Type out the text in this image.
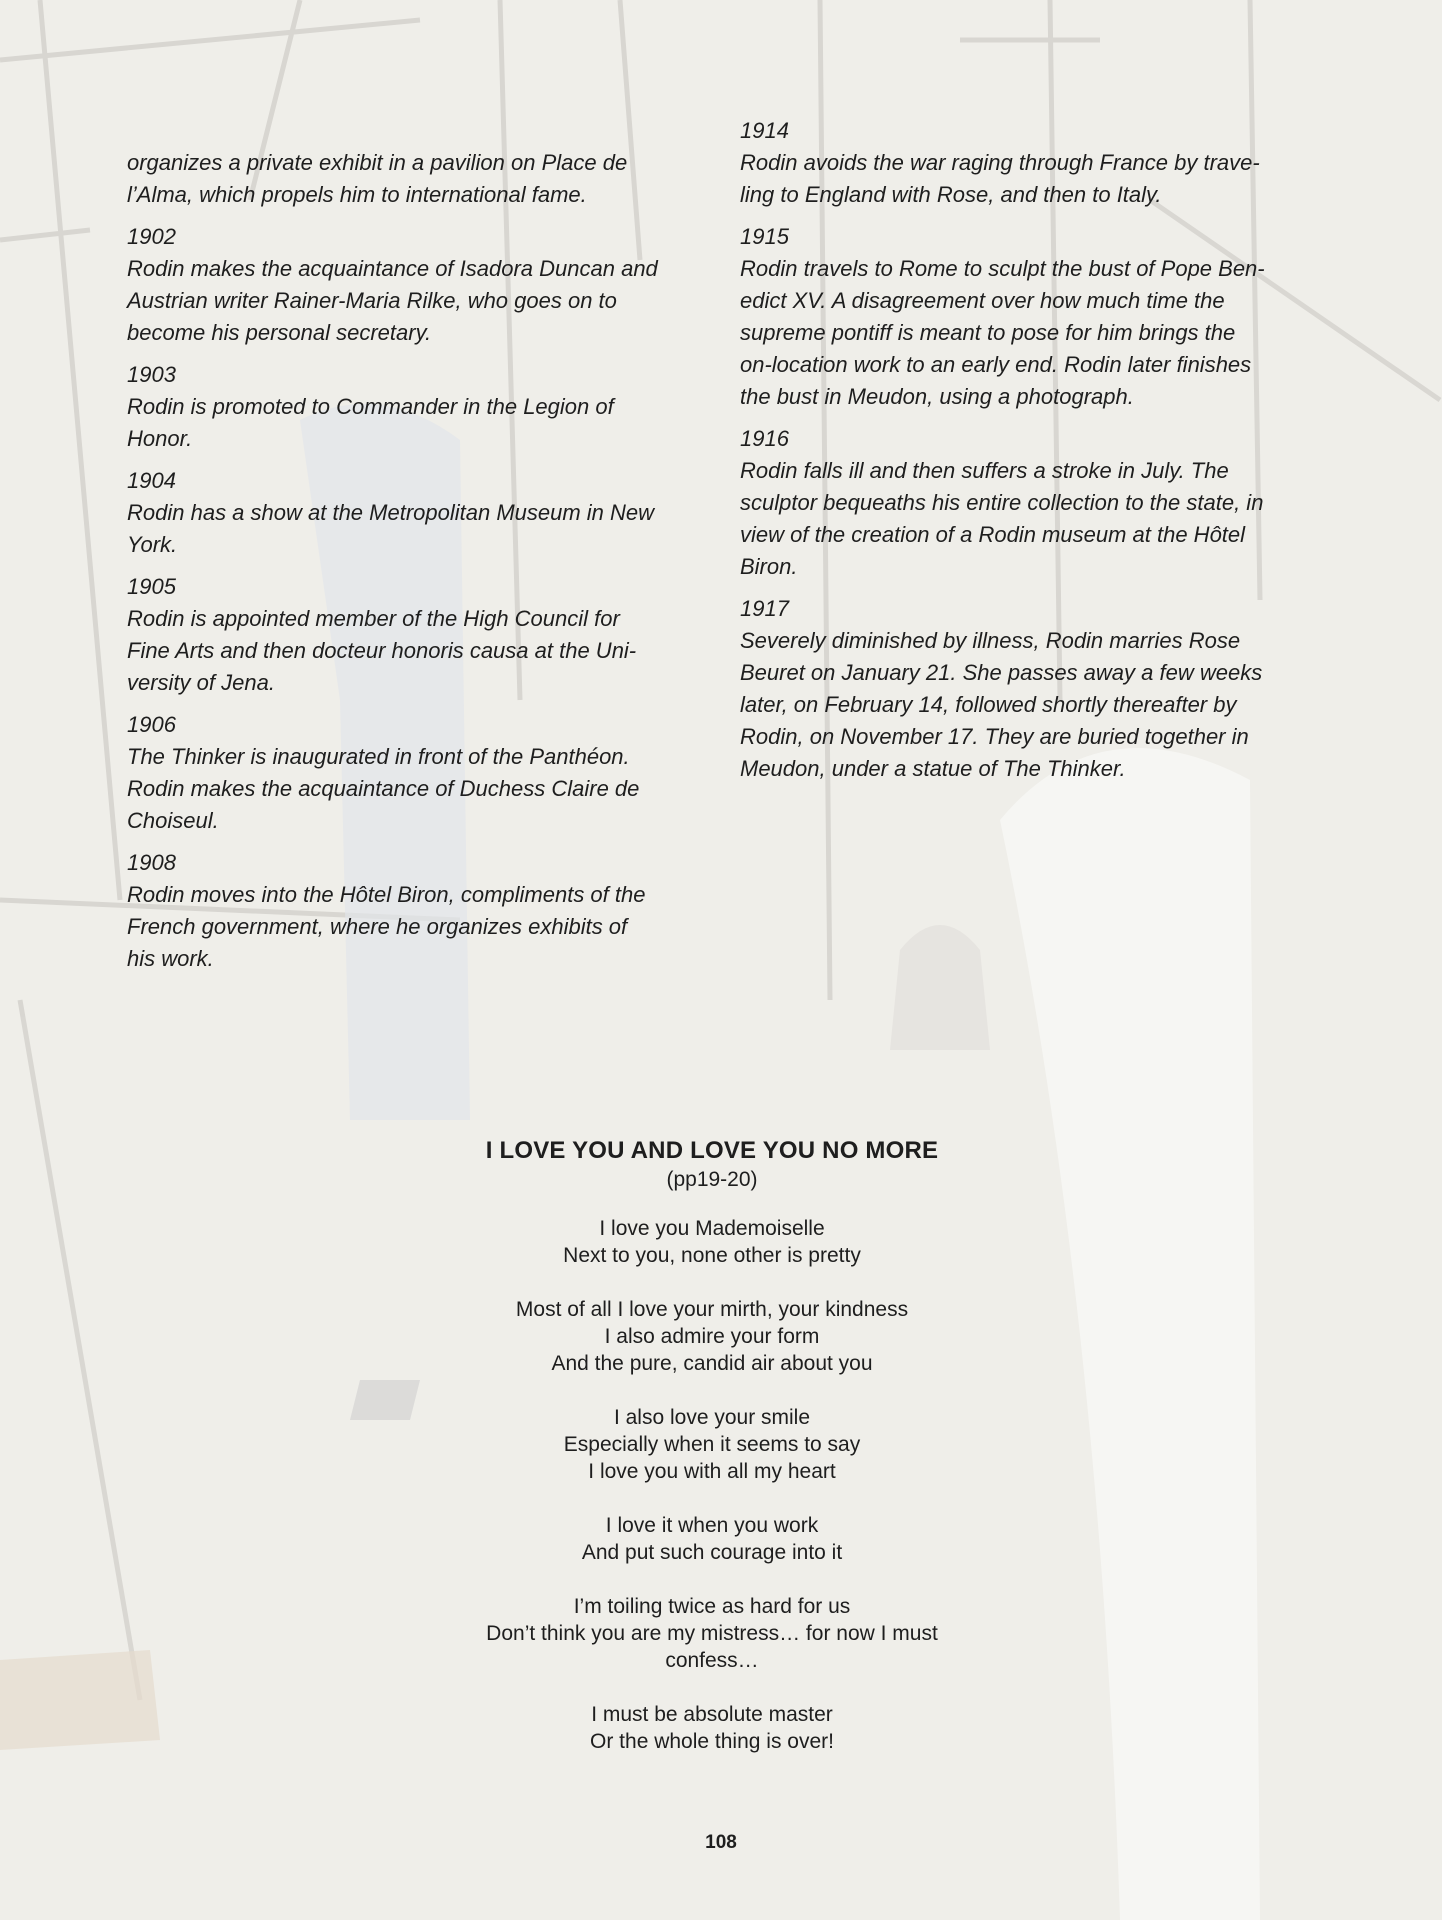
organizes a private exhibit in a pavilion on Place de
l’Alma, which propels him to international fame.
1902
Rodin makes the acquaintance of Isadora Duncan and
Austrian writer Rainer-Maria Rilke, who goes on to
become his personal secretary.
1903
Rodin is promoted to Commander in the Legion of
Honor.
1904
Rodin has a show at the Metropolitan Museum in New
York.
1905
Rodin is appointed member of the High Council for
Fine Arts and then docteur honoris causa at the Uni-
versity of Jena.
1906
The Thinker is inaugurated in front of the Panthéon.
Rodin makes the acquaintance of Duchess Claire de
Choiseul.
1908
Rodin moves into the Hôtel Biron, compliments of the
French government, where he organizes exhibits of
his work.
1914
Rodin avoids the war raging through France by trave-
ling to England with Rose, and then to Italy.
1915
Rodin travels to Rome to sculpt the bust of Pope Ben-
edict XV. A disagreement over how much time the
supreme pontiff is meant to pose for him brings the
on-location work to an early end. Rodin later finishes
the bust in Meudon, using a photograph.
1916
Rodin falls ill and then suffers a stroke in July. The
sculptor bequeaths his entire collection to the state, in
view of the creation of a Rodin museum at the Hôtel
Biron.
1917
Severely diminished by illness, Rodin marries Rose
Beuret on January 21. She passes away a few weeks
later, on February 14, followed shortly thereafter by
Rodin, on November 17. They are buried together in
Meudon, under a statue of The Thinker.
I LOVE YOU AND LOVE YOU NO MORE
(pp19-20)
I love you Mademoiselle
Next to you, none other is pretty
Most of all I love your mirth, your kindness
I also admire your form
And the pure, candid air about you
I also love your smile
Especially when it seems to say
I love you with all my heart
I love it when you work
And put such courage into it
I’m toiling twice as hard for us
Don’t think you are my mistress… for now I must
confess…
I must be absolute master
Or the whole thing is over!
108
